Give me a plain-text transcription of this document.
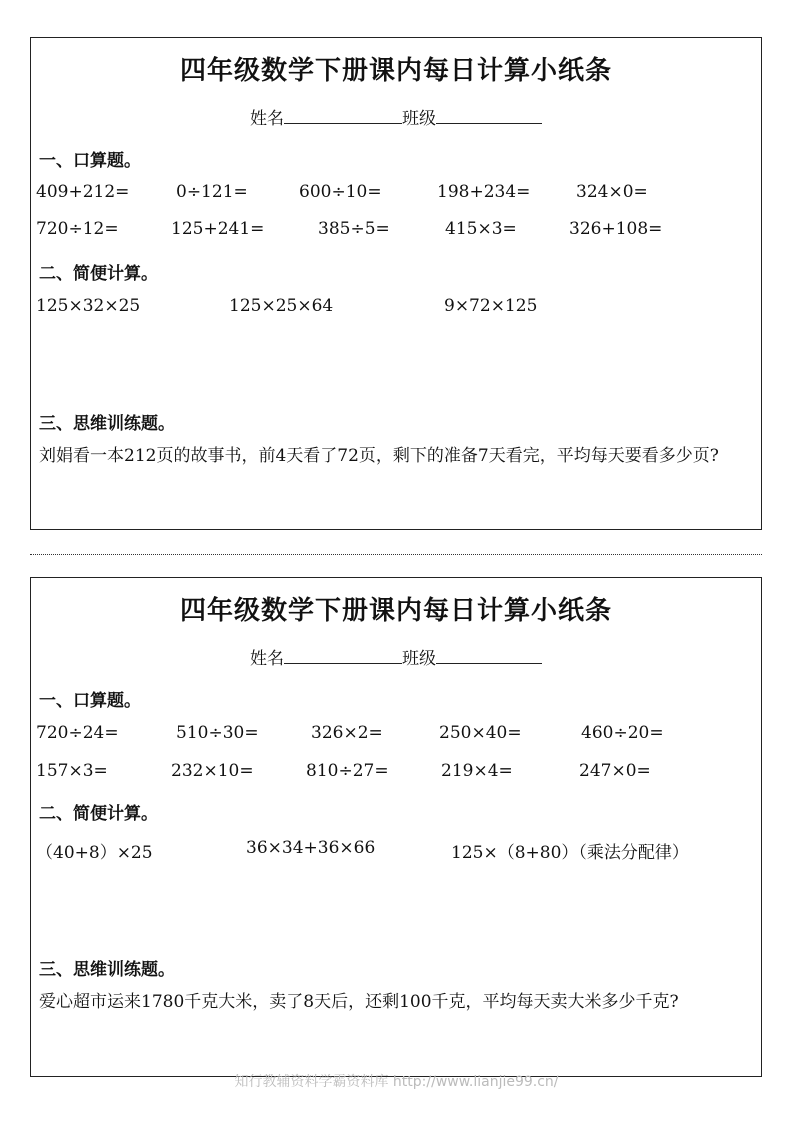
四年级数学下册课内每日计算小纸条
姓名	班级
一、口算题。
409+212=	0÷121=	600÷10=	198+234=	324×0=
720÷12=	125+241=	385÷5=	415×3=	326+108=
二、简便计算。
125×32×25	125×25×64	9×72×125
三、思维训练题。
刘娟看一本212页的故事书，前4天看了72页，剩下的准备7天看完，平均每天要看多少页?
四年级数学下册课内每日计算小纸条
姓名	班级
一、口算题。
720÷24=	510÷30=	326×2=	250×40=	460÷20=
157×3=	232×10=	810÷27=	219×4=	247×0=
二、简便计算。
（40+8）×25	36×34+36×66	125×（8+80）（乘法分配律）
三、思维训练题。
爱心超市运来1780千克大米，卖了8天后，还剩100千克，平均每天卖大米多少千克?
知行教辅资料学霸资料库 http://www.lianjie99.cn/
